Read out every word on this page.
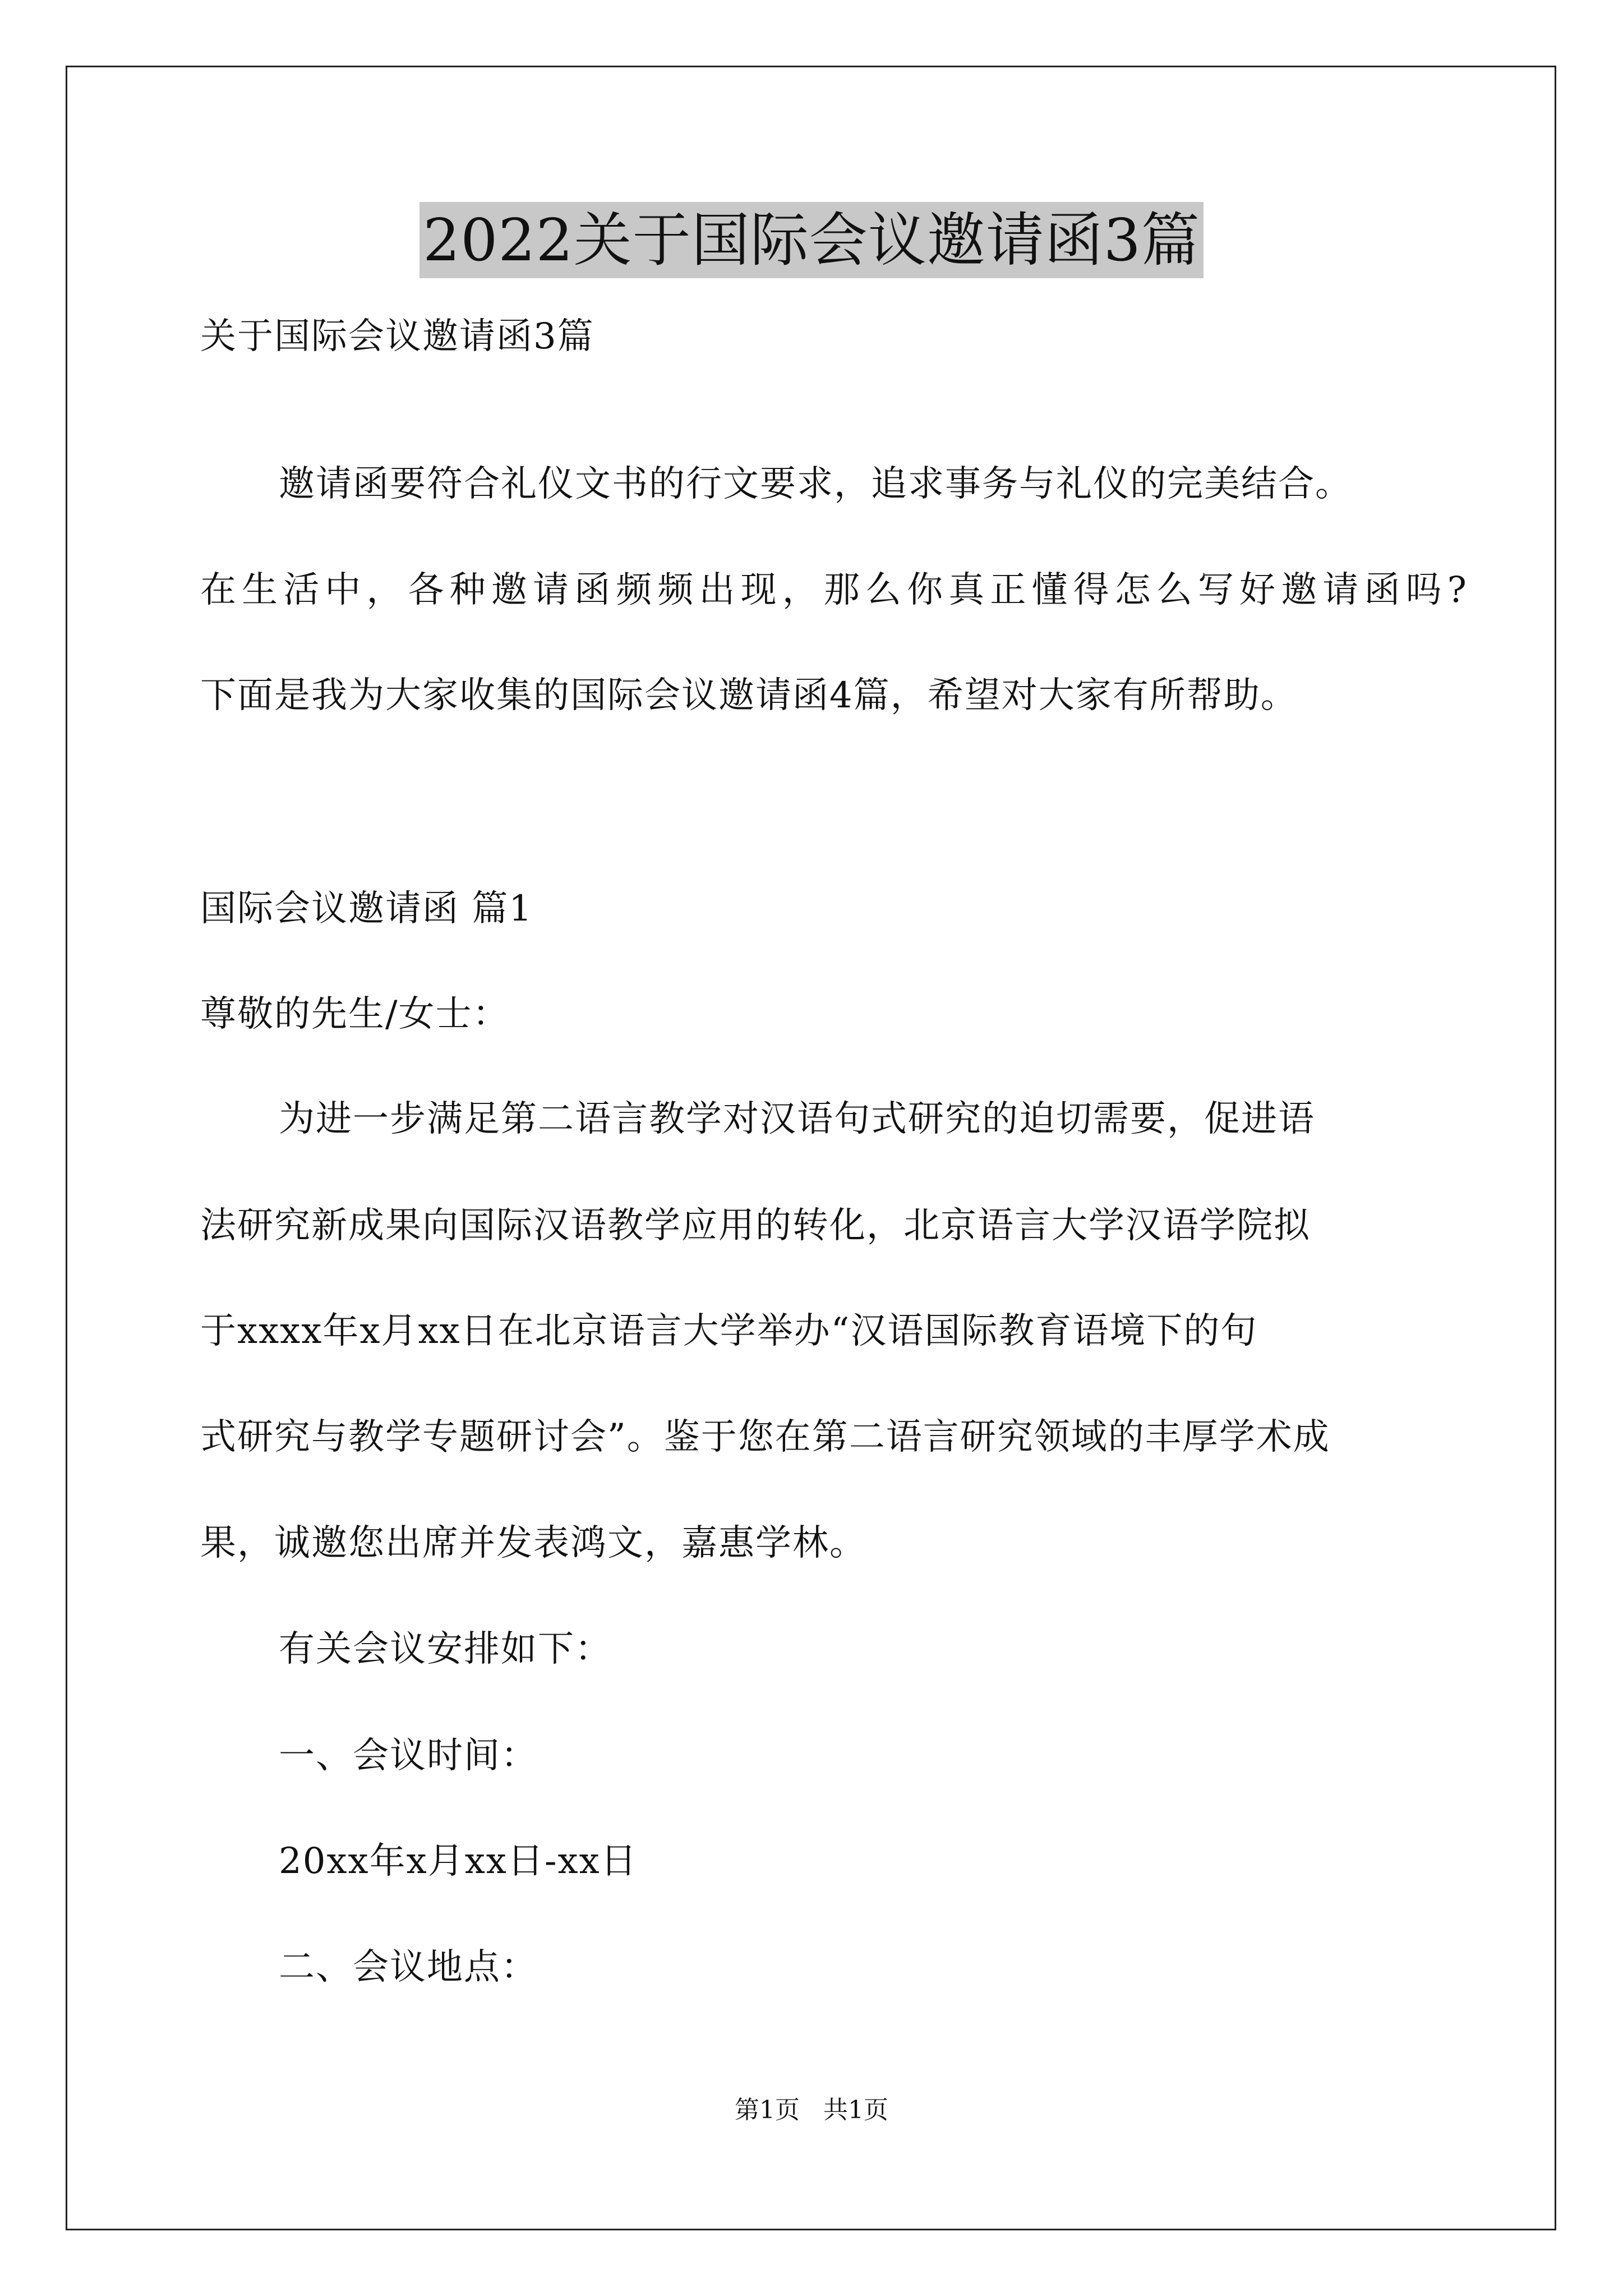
2022关于国际会议邀请函3篇
关于国际会议邀请函3篇
邀请函要符合礼仪文书的行文要求，追求事务与礼仪的完美结合。
在生活中，各种邀请函频频出现，那么你真正懂得怎么写好邀请函吗?
下面是我为大家收集的国际会议邀请函4篇，希望对大家有所帮助。
国际会议邀请函 篇1
尊敬的先生/女士：
为进一步满足第二语言教学对汉语句式研究的迫切需要，促进语
法研究新成果向国际汉语教学应用的转化，北京语言大学汉语学院拟
于xxxx年x月xx日在北京语言大学举办“汉语国际教育语境下的句
式研究与教学专题研讨会”。鉴于您在第二语言研究领域的丰厚学术成
果，诚邀您出席并发表鸿文，嘉惠学林。
有关会议安排如下：
一、会议时间：
20xx年x月xx日-xx日
二、会议地点：
第1页   共1页
